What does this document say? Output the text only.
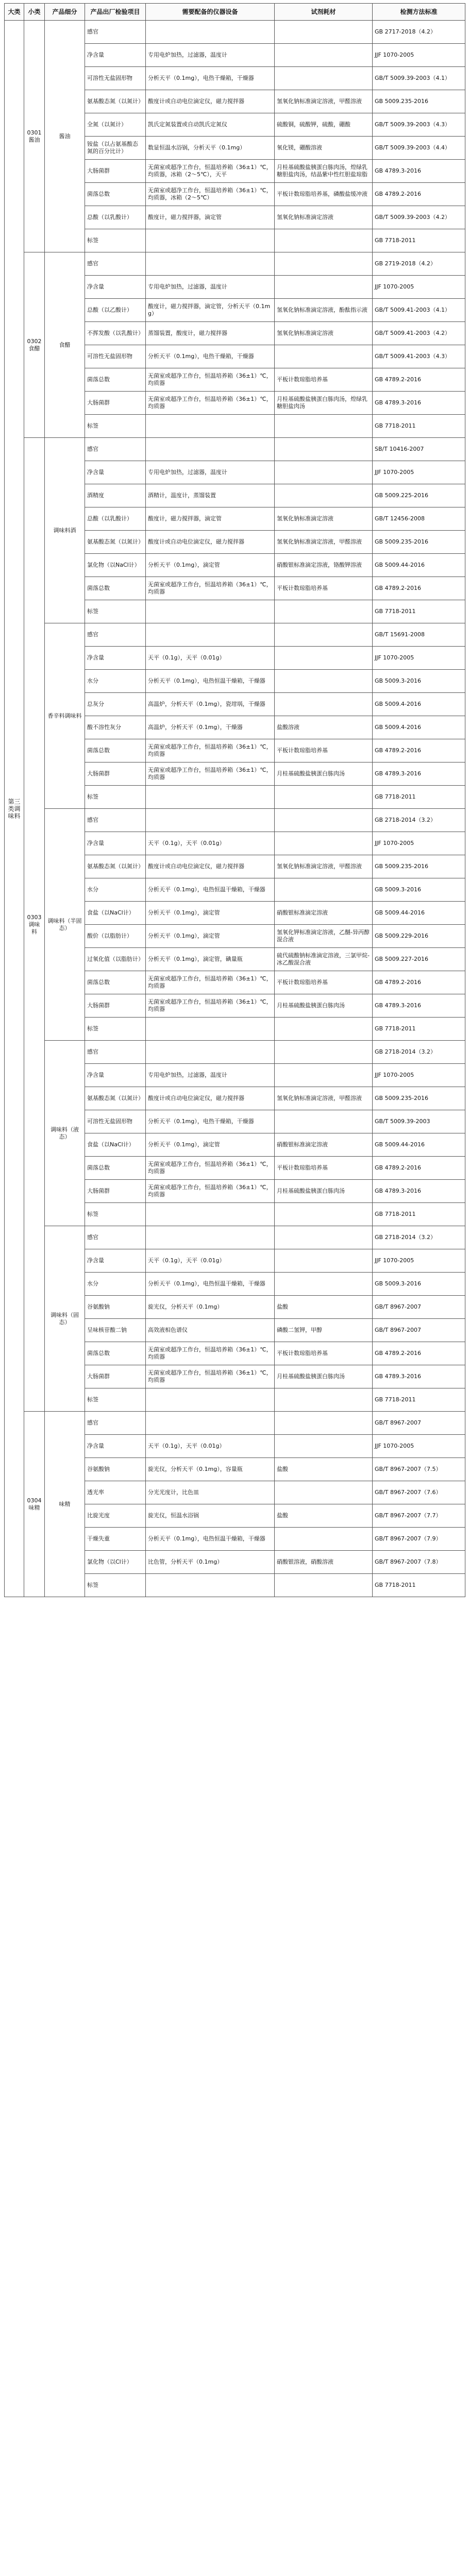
大类	小类	产品细分	产品出厂检验项目	需要配备的仪器设备	试剂耗材	检测方法标准
第三类调味料	0301酱油	酱油	感官			GB 2717-2018（4.2）
			净含量	专用电炉加热，过滤器，温度计		JJF 1070-2005
			可溶性无盐固形物	分析天平（0.1mg），电热干燥箱，干燥器		GB/T 5009.39-2003（4.1）
			氨基酸态氮（以氮计）	酸度计或自动电位滴定仪，磁力搅拌器	氢氧化钠标准滴定溶液，甲醛溶液	GB 5009.235-2016
			全氮（以氮计）	凯氏定氮装置或自动凯氏定氮仪	硫酸铜，硫酸钾，硫酸，硼酸	GB/T 5009.39-2003（4.3）
			铵盐（以占氨基酸态氮的百分比计）	数显恒温水浴锅，分析天平（0.1mg）	氧化镁，硼酸溶液	GB/T 5009.39-2003（4.4）
			大肠菌群	无菌室或超净工作台，恒温培养箱（36±1）℃，均质器，冰箱（2～5℃），天平	月桂基硫酸盐胰蛋白胨肉汤，煌绿乳糖胆盐肉汤，结晶紫中性红胆盐琼脂	GB 4789.3-2016
			菌落总数	无菌室或超净工作台，恒温培养箱（36±1）℃，均质器，冰箱（2～5℃）	平板计数琼脂培养基，磷酸盐缓冲液	GB 4789.2-2016
			总酸（以乳酸计）	酸度计，磁力搅拌器，滴定管	氢氧化钠标准滴定溶液	GB/T 5009.39-2003（4.2）
			标签			GB 7718-2011
	0302食醋	食醋	感官			GB 2719-2018（4.2）
			净含量	专用电炉加热，过滤器，温度计		JJF 1070-2005
			总酸（以乙酸计）	酸度计，磁力搅拌器，滴定管，分析天平（0.1mg）	氢氧化钠标准滴定溶液，酚酞指示液	GB/T 5009.41-2003（4.1）
			不挥发酸（以乳酸计）	蒸馏装置，酸度计，磁力搅拌器	氢氧化钠标准滴定溶液	GB/T 5009.41-2003（4.2）
			可溶性无盐固形物	分析天平（0.1mg），电热干燥箱，干燥器		GB/T 5009.41-2003（4.3）
			菌落总数	无菌室或超净工作台，恒温培养箱（36±1）℃，均质器	平板计数琼脂培养基	GB 4789.2-2016
			大肠菌群	无菌室或超净工作台，恒温培养箱（36±1）℃，均质器	月桂基硫酸盐胰蛋白胨肉汤，煌绿乳糖胆盐肉汤	GB 4789.3-2016
			标签			GB 7718-2011
	0303调味料	调味料酒	感官			SB/T 10416-2007
			净含量	专用电炉加热，过滤器，温度计		JJF 1070-2005
			酒精度	酒精计，温度计，蒸馏装置		GB 5009.225-2016
			总酸（以乳酸计）	酸度计，磁力搅拌器，滴定管	氢氧化钠标准滴定溶液	GB/T 12456-2008
			氨基酸态氮（以氮计）	酸度计或自动电位滴定仪，磁力搅拌器	氢氧化钠标准滴定溶液，甲醛溶液	GB 5009.235-2016
			氯化物（以NaCl计）	分析天平（0.1mg），滴定管	硝酸银标准滴定溶液，铬酸钾溶液	GB 5009.44-2016
			菌落总数	无菌室或超净工作台，恒温培养箱（36±1）℃，均质器	平板计数琼脂培养基	GB 4789.2-2016
			标签			GB 7718-2011
		香辛料调味料	感官			GB/T 15691-2008
			净含量	天平（0.1g），天平（0.01g）		JJF 1070-2005
			水分	分析天平（0.1mg），电热恒温干燥箱，干燥器		GB 5009.3-2016
			总灰分	高温炉，分析天平（0.1mg），瓷坩埚，干燥器		GB 5009.4-2016
			酸不溶性灰分	高温炉，分析天平（0.1mg），干燥器	盐酸溶液	GB 5009.4-2016
			菌落总数	无菌室或超净工作台，恒温培养箱（36±1）℃，均质器	平板计数琼脂培养基	GB 4789.2-2016
			大肠菌群	无菌室或超净工作台，恒温培养箱（36±1）℃，均质器	月桂基硫酸盐胰蛋白胨肉汤	GB 4789.3-2016
			标签			GB 7718-2011
		调味料（半固态）	感官			GB 2718-2014（3.2）
			净含量	天平（0.1g），天平（0.01g）		JJF 1070-2005
			氨基酸态氮（以氮计）	酸度计或自动电位滴定仪，磁力搅拌器	氢氧化钠标准滴定溶液，甲醛溶液	GB 5009.235-2016
			水分	分析天平（0.1mg），电热恒温干燥箱，干燥器		GB 5009.3-2016
			食盐（以NaCl计）	分析天平（0.1mg），滴定管	硝酸银标准滴定溶液	GB 5009.44-2016
			酸价（以脂肪计）	分析天平（0.1mg），滴定管	氢氧化钾标准滴定溶液，乙醚-异丙醇混合液	GB 5009.229-2016
			过氧化值（以脂肪计）	分析天平（0.1mg），滴定管，碘量瓶	硫代硫酸钠标准滴定溶液，三氯甲烷-冰乙酸混合液	GB 5009.227-2016
			菌落总数	无菌室或超净工作台，恒温培养箱（36±1）℃，均质器	平板计数琼脂培养基	GB 4789.2-2016
			大肠菌群	无菌室或超净工作台，恒温培养箱（36±1）℃，均质器	月桂基硫酸盐胰蛋白胨肉汤	GB 4789.3-2016
			标签			GB 7718-2011
		调味料（液态）	感官			GB 2718-2014（3.2）
			净含量	专用电炉加热，过滤器，温度计		JJF 1070-2005
			氨基酸态氮（以氮计）	酸度计或自动电位滴定仪，磁力搅拌器	氢氧化钠标准滴定溶液，甲醛溶液	GB 5009.235-2016
			可溶性无盐固形物	分析天平（0.1mg），电热干燥箱，干燥器		GB/T 5009.39-2003
			食盐（以NaCl计）	分析天平（0.1mg），滴定管	硝酸银标准滴定溶液	GB 5009.44-2016
			菌落总数	无菌室或超净工作台，恒温培养箱（36±1）℃，均质器	平板计数琼脂培养基	GB 4789.2-2016
			大肠菌群	无菌室或超净工作台，恒温培养箱（36±1）℃，均质器	月桂基硫酸盐胰蛋白胨肉汤	GB 4789.3-2016
			标签			GB 7718-2011
		调味料（固态）	感官			GB 2718-2014（3.2）
			净含量	天平（0.1g），天平（0.01g）		JJF 1070-2005
			水分	分析天平（0.1mg），电热恒温干燥箱，干燥器		GB 5009.3-2016
			谷氨酸钠	旋光仪，分析天平（0.1mg）	盐酸	GB/T 8967-2007
			呈味核苷酸二钠	高效液相色谱仪	磷酸二氢钾，甲醇	GB/T 8967-2007
			菌落总数	无菌室或超净工作台，恒温培养箱（36±1）℃，均质器	平板计数琼脂培养基	GB 4789.2-2016
			大肠菌群	无菌室或超净工作台，恒温培养箱（36±1）℃，均质器	月桂基硫酸盐胰蛋白胨肉汤	GB 4789.3-2016
			标签			GB 7718-2011
	0304味精	味精	感官			GB/T 8967-2007
			净含量	天平（0.1g），天平（0.01g）		JJF 1070-2005
			谷氨酸钠	旋光仪，分析天平（0.1mg），容量瓶	盐酸	GB/T 8967-2007（7.5）
			透光率	分光光度计，比色皿		GB/T 8967-2007（7.6）
			比旋光度	旋光仪，恒温水浴锅	盐酸	GB/T 8967-2007（7.7）
			干燥失重	分析天平（0.1mg），电热恒温干燥箱，干燥器		GB/T 8967-2007（7.9）
			氯化物（以Cl计）	比色管，分析天平（0.1mg）	硝酸银溶液，硝酸溶液	GB/T 8967-2007（7.8）
			标签			GB 7718-2011
